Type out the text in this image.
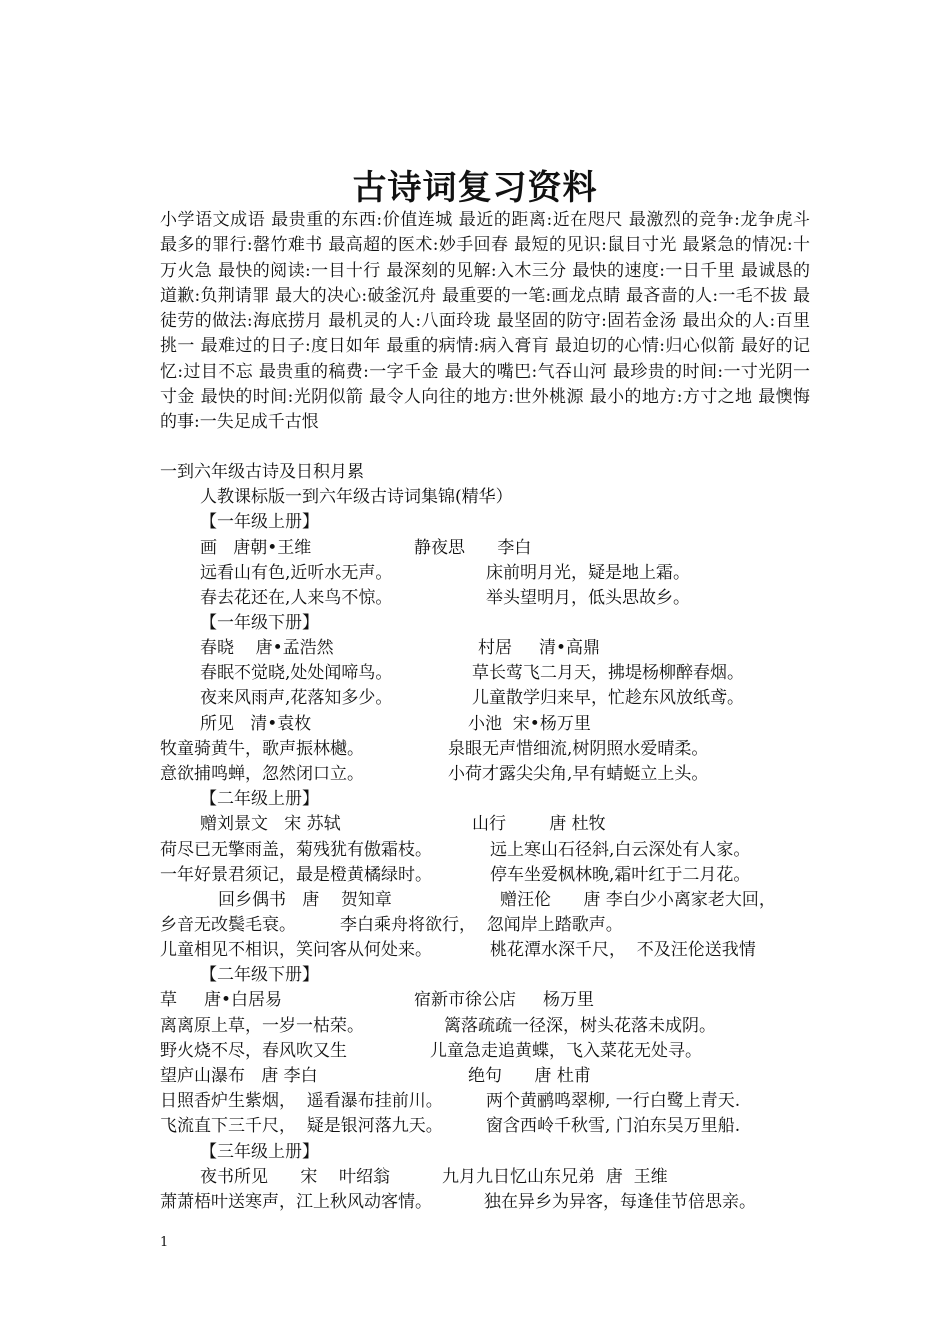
古诗词复习资料
小学语文成语 最贵重的东西:价值连城 最近的距离:近在咫尺 最激烈的竞争:龙争虎斗 最多的罪行:罄竹难书 最高超的医术:妙手回春 最短的见识:鼠目寸光 最紧急的情况:十万火急 最快的阅读:一目十行 最深刻的见解:入木三分 最快的速度:一日千里 最诚恳的道歉:负荆请罪 最大的决心:破釜沉舟 最重要的一笔:画龙点睛 最吝啬的人:一毛不拔 最徒劳的做法:海底捞月 最机灵的人:八面玲珑 最坚固的防守:固若金汤 最出众的人:百里挑一 最难过的日子:度日如年 最重的病情:病入膏肓 最迫切的心情:归心似箭 最好的记忆:过目不忘 最贵重的稿费:一字千金 最大的嘴巴:气吞山河 最珍贵的时间:一寸光阴一寸金 最快的时间:光阴似箭 最令人向往的地方:世外桃源 最小的地方:方寸之地 最懊悔的事:一失足成千古恨
一到六年级古诗及日积月累
人教课标版一到六年级古诗词集锦(精华）
【一年级上册】
画   唐朝•王维	静夜思      李白
远看山有色,近听水无声。	床前明月光，疑是地上霜。
春去花还在,人来鸟不惊。	举头望明月，低头思故乡。
【一年级下册】
春晓    唐•孟浩然	村居     清•高鼎
春眠不觉晓,处处闻啼鸟。	草长莺飞二月天，拂堤杨柳醉春烟。
夜来风雨声,花落知多少。	儿童散学归来早，忙趁东风放纸鸢。
所见   清•袁枚	小池  宋•杨万里
牧童骑黄牛，歌声振林樾。	泉眼无声惜细流,树阴照水爱晴柔。
意欲捕鸣蝉，忽然闭口立。	小荷才露尖尖角,早有蜻蜓立上头。
【二年级上册】
赠刘景文   宋 苏轼	山行        唐 杜牧
荷尽已无擎雨盖，菊残犹有傲霜枝。	远上寒山石径斜,白云深处有人家。
一年好景君须记，最是橙黄橘绿时。	停车坐爱枫林晚,霜叶红于二月花。
回乡偶书   唐    贺知章	赠汪伦      唐 李白少小离家老大回，
乡音无改鬓毛衰。	李白乘舟将欲行，  忽闻岸上踏歌声。
儿童相见不相识，笑问客从何处来。	桃花潭水深千尺，  不及汪伦送我情
【二年级下册】
草     唐•白居易	宿新市徐公店     杨万里
离离原上草，一岁一枯荣。	篱落疏疏一径深，树头花落未成阴。
野火烧不尽，春风吹又生	儿童急走追黄蝶，飞入菜花无处寻。
望庐山瀑布   唐 李白	绝句      唐 杜甫
日照香炉生紫烟，  遥看瀑布挂前川。	两个黄鹂鸣翠柳, 一行白鹭上青天.
飞流直下三千尺，  疑是银河落九天。	窗含西岭千秋雪, 门泊东吴万里船.
【三年级上册】
夜书所见      宋    叶绍翁	九月九日忆山东兄弟  唐  王维
萧萧梧叶送寒声，江上秋风动客情。	独在异乡为异客，每逢佳节倍思亲。
1
